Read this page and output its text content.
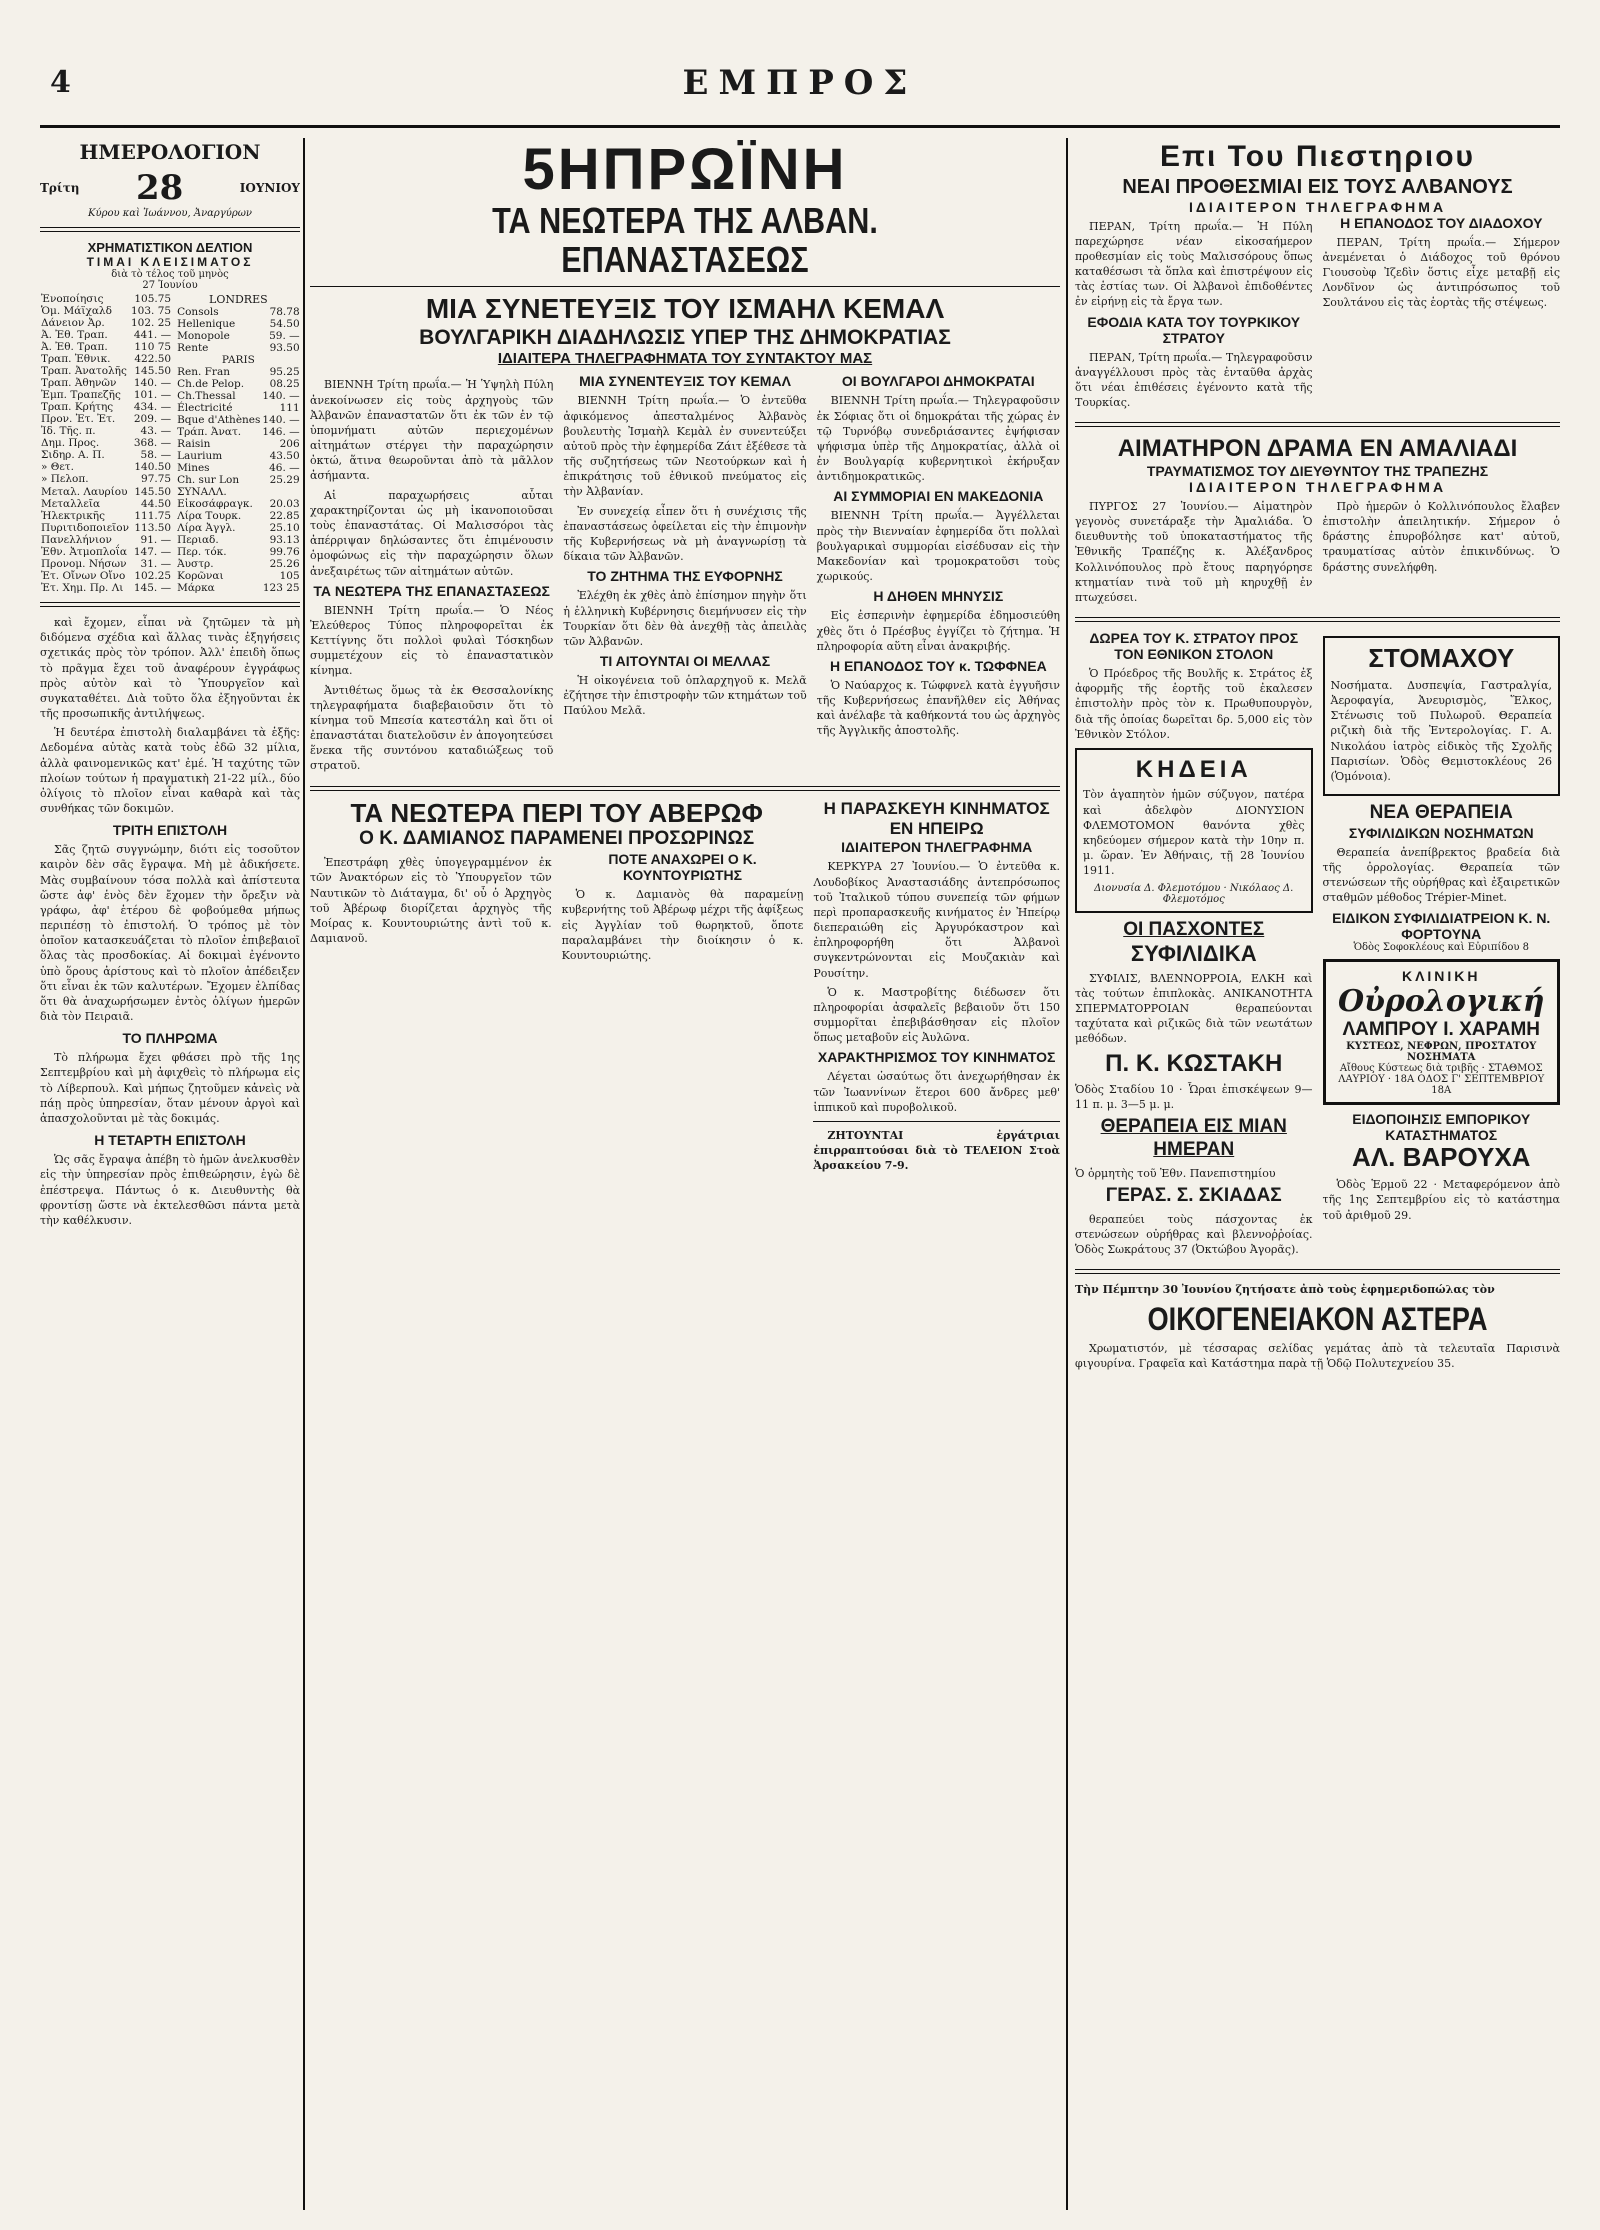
4	ΕΜΠΡΟΣ
ΗΜΕΡΟΛΟΓΙΟΝ
Τρίτη 28	ΙΟΥΝΙΟΥ
Κύρου καὶ Ἰωάννου, Ἀναργύρων
ΧΡΗΜΑΤΙΣΤΙΚΟΝ ΔΕΛΤΙΟΝ
ΤΙΜΑΙ ΚΛΕΙΣΙΜΑΤΟΣ
διὰ τὸ τέλος τοῦ μηνὸς
27 Ἰουνίου
Ἐνοποίησις	105.75
Ὁμ. Μάϊχαλδ	103. 75
Δάνειον Ἀρ.	102. 25
Ἀ. Ἐθ. Τραπ.	441. —
Ἀ. Ἐθ. Τραπ.	110 75
Τραπ. Ἐθνικ.	422.50
Τραπ. Ἀνατολῆς	145.50
Τραπ. Ἀθηνῶν	140. —
Ἐμπ. Τραπεζῆς	101. —
Τραπ. Κρήτης	434. —
Προν. Ἐτ. Ἐτ.	209. —
Ἰδ. Τῆς. π.	43. —
Δημ. Προς.	368. —
Σιδηρ. Α. Π.	58. —
» Θετ.	140.50
» Πελοπ.	97.75
Μεταλ. Λαυρίου	145.50
Μεταλλεῖα	44.50
Ἠλεκτρικῆς	111.75
Πυριτιδοποιεῖον	113.50
Πανελλήνιον	91. —
Ἐθν. Ἀτμοπλοΐα	147. —
Προνομ. Νήσων	31. —
Ἐτ. Οἴνων Οἴνο	102.25
Ἐτ. Χημ. Πρ. Λι	145. —
LONDRES
Consols	78.78
Hellenique	54.50
Monopole	59. —
Rente	93.50
PARIS	
Ren. Fran	95.25
Ch.de Pelop.	08.25
Ch.Thessal	140. —
Électricité	111
Bque d'Athènes	140. —
Τράπ. Ἀνατ.	146. —
Raisin	206
Laurium	43.50
Mines	46. —
Ch. sur Lon	25.29
ΣΥΝΑΛΛ.	
Εἰκοσάφραγκ.	20.03
Λίρα Τουρκ.	22.85
Λίρα Ἀγγλ.	25.10
Περιαδ.	93.13
Περ. τόκ.	99.76
Ἀυστρ.	25.26
Κορῶναι	105
Μάρκα	123 25

καὶ ἔχομεν, εἶπαι νὰ ζητῶμεν τὰ μὴ διδόμενα σχέδια καὶ ἄλλας τινὰς ἐξηγήσεις σχετικάς πρὸς τὸν τρόπον. Ἀλλ' ἐπειδὴ ὅπως τὸ πρᾶγμα ἔχει τοῦ ἀναφέρουν ἐγγράφως πρὸς αὐτὸν καὶ τὸ Ὑπουργεῖον καὶ συγκαταθέτει. Διὰ τοῦτο ὅλα ἐξηγοῦνται ἐκ τῆς προσωπικῆς ἀντιλήψεως.

Ἡ δευτέρα ἐπιστολὴ διαλαμβάνει τὰ ἑξῆς: Δεδομένα αὐτὰς κατὰ τοὺς ἐδῶ 32 μίλια, ἀλλὰ φαινομενικῶς κατ' ἐμέ. Ἡ ταχύτης τῶν πλοίων τούτων ἡ πραγματικὴ 21-22 μίλ., δύο ὀλίγοις τὸ πλοῖον εἶναι καθαρὰ καὶ τὰς συνθήκας τῶν δοκιμῶν.

ΤΡΙΤΗ ΕΠΙΣΤΟΛΗ

Σᾶς ζητῶ συγγνώμην, διότι εἰς τοσοῦτον καιρὸν δὲν σᾶς ἔγραψα. Μὴ μὲ ἀδικήσετε. Μὰς συμβαίνουν τόσα πολλὰ καὶ ἀπίστευτα ὥστε ἀφ' ἑνὸς δὲν ἔχομεν τὴν ὄρεξιν νὰ γράφω, ἀφ' ἑτέρου δὲ φοβούμεθα μήπως περιπέσῃ τὸ ἐπιστολή. Ὁ τρόπος μὲ τὸν ὁποῖον κατασκευάζεται τὸ πλοῖον ἐπιβεβαιοῖ ὅλας τὰς προσδοκίας. Αἱ δοκιμαὶ ἐγένοντο ὑπὸ ὅρους ἀρίστους καὶ τὸ πλοῖον ἀπέδειξεν ὅτι εἶναι ἐκ τῶν καλυτέρων. Ἔχομεν ἐλπίδας ὅτι θὰ ἀναχωρήσωμεν ἐντὸς ὀλίγων ἡμερῶν διὰ τὸν Πειραιᾶ.

ΤΟ ΠΛΗΡΩΜΑ

Τὸ πλήρωμα ἔχει φθάσει πρὸ τῆς 1ης Σεπτεμβρίου καὶ μὴ ἀφιχθεὶς τὸ πλήρωμα εἰς τὸ Λίβερπουλ. Καὶ μήπως ζητοῦμεν κἀνεὶς νὰ πάῃ πρὸς ὑπηρεσίαν, ὅταν μένουν ἀργοὶ καὶ ἀπασχολοῦνται μὲ τὰς δοκιμάς.

Η ΤΕΤΑΡΤΗ ΕΠΙΣΤΟΛΗ

Ὡς σᾶς ἔγραψα ἀπέβη τὸ ἡμῶν ἀνελκυσθὲν εἰς τὴν ὑπηρεσίαν πρὸς ἐπιθεώρησιν, ἐγὼ δὲ ἐπέστρεψα. Πάντως ὁ κ. Διευθυντὴς θὰ φροντίσῃ ὥστε νὰ ἐκτελεσθῶσι πάντα μετὰ τὴν καθέλκυσιν.

5ΗΠΡΩΪΝΗ
ΤΑ ΝΕΩΤΕΡΑ ΤΗΣ ΑΛΒΑΝ. ΕΠΑΝΑΣΤΑΣΕΩΣ
ΜΙΑ ΣΥΝΕΤΕΥΞΙΣ ΤΟΥ ΙΣΜΑΗΛ ΚΕΜΑΛ
ΒΟΥΛΓΑΡΙΚΗ ΔΙΑΔΗΛΩΣΙΣ ΥΠΕΡ ΤΗΣ ΔΗΜΟΚΡΑΤΙΑΣ
ΙΔΙΑΙΤΕΡΑ ΤΗΛΕΓΡΑΦΗΜΑΤΑ ΤΟΥ ΣΥΝΤΑΚΤΟΥ ΜΑΣ

ΒΙΕΝΝΗ Τρίτη πρωΐα.— Ἡ Ὑψηλὴ Πύλη ἀνεκοίνωσεν εἰς τοὺς ἀρχηγοὺς τῶν Ἀλβανῶν ἐπαναστατῶν ὅτι ἐκ τῶν ἐν τῷ ὑπομνήματι αὐτῶν περιεχομένων αἰτημάτων στέργει τὴν παραχώρησιν ὀκτώ, ἅτινα θεωροῦνται ἀπὸ τὰ μᾶλλον ἀσήμαντα.

Αἱ παραχωρήσεις αὗται χαρακτηρίζονται ὡς μὴ ἱκανοποιοῦσαι τοὺς ἐπαναστάτας. Οἱ Μαλισσόροι τὰς ἀπέρριψαν δηλώσαντες ὅτι ἐπιμένουσιν ὁμοφώνως εἰς τὴν παραχώρησιν ὅλων ἀνεξαιρέτως τῶν αἰτημάτων αὐτῶν.

ΤΑ ΝΕΩΤΕΡΑ ΤΗΣ ΕΠΑΝΑΣΤΑΣΕΩΣ

ΒΙΕΝΝΗ Τρίτη πρωΐα.— Ὁ Νέος Ἐλεύθερος Τύπος πληροφορεῖται ἐκ Κεττίγνης ὅτι πολλοὶ φυλαὶ Τόσκηδων συμμετέχουν εἰς τὸ ἐπαναστατικὸν κίνημα.

Ἀντιθέτως ὅμως τὰ ἐκ Θεσσαλονίκης τηλεγραφήματα διαβεβαιοῦσιν ὅτι τὸ κίνημα τοῦ Μπεσία κατεστάλη καὶ ὅτι οἱ ἐπαναστάται διατελοῦσιν ἐν ἀπογοητεύσει ἕνεκα τῆς συντόνου καταδιώξεως τοῦ στρατοῦ.

ΜΙΑ ΣΥΝΕΝΤΕΥΞΙΣ ΤΟΥ ΚΕΜΑΛ

ΒΙΕΝΝΗ Τρίτη πρωΐα.— Ὁ ἐντεῦθα ἀφικόμενος ἀπεσταλμένος Ἀλβανὸς βουλευτὴς Ἰσμαὴλ Κεμὰλ ἐν συνεντεύξει αὐτοῦ πρὸς τὴν ἐφημερίδα Ζάιτ ἐξέθεσε τὰ τῆς συζητήσεως τῶν Νεοτούρκων καὶ ἡ ἐπικράτησις τοῦ ἐθνικοῦ πνεύματος εἰς τὴν Ἀλβανίαν.

Ἐν συνεχείᾳ εἶπεν ὅτι ἡ συνέχισις τῆς ἐπαναστάσεως ὀφείλεται εἰς τὴν ἐπιμονὴν τῆς Κυβερνήσεως νὰ μὴ ἀναγνωρίσῃ τὰ δίκαια τῶν Ἀλβανῶν.

ΤΟ ΖΗΤΗΜΑ ΤΗΣ ΕΥΦΟΡΝΗΣ

Ἐλέχθη ἐκ χθὲς ἀπὸ ἐπίσημον πηγὴν ὅτι ἡ ἑλληνικὴ Κυβέρνησις διεμήνυσεν εἰς τὴν Τουρκίαν ὅτι δὲν θὰ ἀνεχθῇ τὰς ἀπειλὰς τῶν Ἀλβανῶν.

ΤΙ ΑΙΤΟΥΝΤΑΙ ΟΙ ΜΕΛΛΑΣ

Ἡ οἰκογένεια τοῦ ὁπλαρχηγοῦ κ. Μελᾶ ἐζήτησε τὴν ἐπιστροφὴν τῶν κτημάτων τοῦ Παύλου Μελᾶ.

ΟΙ ΒΟΥΛΓΑΡΟΙ ΔΗΜΟΚΡΑΤΑΙ

ΒΙΕΝΝΗ Τρίτη πρωΐα.— Τηλεγραφοῦσιν ἐκ Σόφιας ὅτι οἱ δημοκράται τῆς χώρας ἐν τῷ Τυρνόβῳ συνεδριάσαντες ἐψήφισαν ψήφισμα ὑπὲρ τῆς Δημοκρατίας, ἀλλὰ οἱ ἐν Βουλγαρίᾳ κυβερνητικοὶ ἐκήρυξαν ἀντιδημοκρατικῶς.

ΑΙ ΣΥΜΜΟΡΙΑΙ ΕΝ ΜΑΚΕΔΟΝΙΑ

ΒΙΕΝΝΗ Τρίτη πρωΐα.— Ἀγγέλλεται πρὸς τὴν Βιενναίαν ἐφημερίδα ὅτι πολλαὶ βουλγαρικαὶ συμμορίαι εἰσέδυσαν εἰς τὴν Μακεδονίαν καὶ τρομοκρατοῦσι τοὺς χωρικούς.

Η ΔΗΘΕΝ ΜΗΝΥΣΙΣ

Εἰς ἐσπερινὴν ἐφημερίδα ἐδημοσιεύθη χθὲς ὅτι ὁ Πρέσβυς ἐγγίζει τὸ ζήτημα. Ἡ πληροφορία αὕτη εἶναι ἀνακριβής.

Η ΕΠΑΝΟΔΟΣ ΤΟΥ κ. ΤΩΦΦΝΕΑ

Ὁ Ναύαρχος κ. Τώφφνελ κατὰ ἐγγυῆσιν τῆς Κυβερνήσεως ἐπανῆλθεν εἰς Ἀθήνας καὶ ἀνέλαβε τὰ καθήκοντά του ὡς ἀρχηγὸς τῆς Ἀγγλικῆς ἀποστολῆς.

ΤΑ ΝΕΩΤΕΡΑ ΠΕΡΙ ΤΟΥ ΑΒΕΡΩΦ
Ο Κ. ΔΑΜΙΑΝΟΣ ΠΑΡΑΜΕΝΕΙ ΠΡΟΣΩΡΙΝΩΣ

Ἐπεστράφη χθὲς ὑπογεγραμμένον ἐκ τῶν Ἀνακτόρων εἰς τὸ Ὑπουργεῖον τῶν Ναυτικῶν τὸ Διάταγμα, δι' οὗ ὁ Ἀρχηγὸς τοῦ Ἀβέρωφ διορίζεται ἀρχηγὸς τῆς Μοίρας κ. Κουντουριώτης ἀντὶ τοῦ κ. Δαμιανοῦ.

ΠΟΤΕ ΑΝΑΧΩΡΕΙ Ο Κ. ΚΟΥΝΤΟΥΡΙΩΤΗΣ

Ὁ κ. Δαμιανὸς θὰ παραμείνῃ κυβερνήτης τοῦ Ἀβέρωφ μέχρι τῆς ἀφίξεως εἰς Ἀγγλίαν τοῦ θωρηκτοῦ, ὅποτε παραλαμβάνει τὴν διοίκησιν ὁ κ. Κουντουριώτης.

Η ΠΑΡΑΣΚΕΥΗ ΚΙΝΗΜΑΤΟΣ ΕΝ ΗΠΕΙΡΩ
ΙΔΙΑΙΤΕΡΟΝ ΤΗΛΕΓΡΑΦΗΜΑ

ΚΕΡΚΥΡΑ 27 Ἰουνίου.— Ὁ ἐντεῦθα κ. Λουδοβίκος Ἀναστασιάδης ἀντεπρόσωπος τοῦ Ἰταλικοῦ τύπου συνεπείᾳ τῶν φήμων περὶ προπαρασκευῆς κινήματος ἐν Ἠπείρῳ διεπεραιώθη εἰς Ἀργυρόκαστρον καὶ ἐπληροφορήθη ὅτι Ἀλβανοὶ συγκεντρώνονται εἰς Μουζακιὰν καὶ Ρουσίτην.

Ὁ κ. Μαστροβίτης διέδωσεν ὅτι πληροφορίαι ἀσφαλεῖς βεβαιοῦν ὅτι 150 συμμορῖται ἐπεβιβάσθησαν εἰς πλοῖον ὅπως μεταβοῦν εἰς Ἀυλῶνα.

ΧΑΡΑΚΤΗΡΙΣΜΟΣ ΤΟΥ ΚΙΝΗΜΑΤΟΣ

Λέγεται ὡσαύτως ὅτι ἀνεχωρήθησαν ἐκ τῶν Ἰωαννίνων ἕτεροι 600 ἄνδρες μεθ' ἱππικοῦ καὶ πυροβολικοῦ.

ΖΗΤΟΥΝΤΑΙ ἐργάτριαι ἐπιρραπτούσαι διὰ τὸ ΤΕΛΕΙΟΝ Στοὰ Ἀρσακείου 7-9.

Επι Του Πιεστηριου
ΝΕΑΙ ΠΡΟΘΕΣΜΙΑΙ ΕΙΣ ΤΟΥΣ ΑΛΒΑΝΟΥΣ
ΙΔΙΑΙΤΕΡΟΝ ΤΗΛΕΓΡΑΦΗΜΑ

ΠΕΡΑΝ, Τρίτη πρωΐα.— Ἡ Πύλη παρεχώρησε νέαν εἰκοσαήμερον προθεσμίαν εἰς τοὺς Μαλισσόρους ὅπως καταθέσωσι τὰ ὅπλα καὶ ἐπιστρέψουν εἰς τὰς ἑστίας των. Οἱ Ἀλβανοὶ ἐπιδοθέντες ἐν εἰρήνῃ εἰς τὰ ἔργα των.

ΕΦΟΔΙΑ ΚΑΤΑ ΤΟΥ ΤΟΥΡΚΙΚΟΥ ΣΤΡΑΤΟΥ

ΠΕΡΑΝ, Τρίτη πρωΐα.— Τηλεγραφοῦσιν ἀναγγέλλουσι πρὸς τὰς ἐνταῦθα ἀρχὰς ὅτι νέαι ἐπιθέσεις ἐγένοντο κατὰ τῆς Τουρκίας.

Η ΕΠΑΝΟΔΟΣ ΤΟΥ ΔΙΑΔΟΧΟΥ

ΠΕΡΑΝ, Τρίτη πρωΐα.— Σήμερον ἀνεμένεται ὁ Διάδοχος τοῦ θρόνου Γιουσοὺφ Ἰζεδὶν ὅστις εἶχε μεταβῇ εἰς Λονδῖνον ὡς ἀντιπρόσωπος τοῦ Σουλτάνου εἰς τὰς ἑορτὰς τῆς στέψεως.

ΑΙΜΑΤΗΡΟΝ ΔΡΑΜΑ ΕΝ ΑΜΑΛΙΑΔΙ
ΤΡΑΥΜΑΤΙΣΜΟΣ ΤΟΥ ΔΙΕΥΘΥΝΤΟΥ ΤΗΣ ΤΡΑΠΕΖΗΣ
ΙΔΙΑΙΤΕΡΟΝ ΤΗΛΕΓΡΑΦΗΜΑ

ΠΥΡΓΟΣ 27 Ἰουνίου.— Αἱματηρὸν γεγονὸς συνετάραξε τὴν Ἀμαλιάδα. Ὁ διευθυντὴς τοῦ ὑποκαταστήματος τῆς Ἐθνικῆς Τραπέζης κ. Ἀλέξανδρος Κολλινόπουλος πρὸ ἔτους παρηγόρησε κτηματίαν τινὰ τοῦ μὴ κηρυχθῇ ἐν πτωχεύσει.

Πρὸ ἡμερῶν ὁ Κολλινόπουλος ἔλαβεν ἐπιστολὴν ἀπειλητικήν. Σήμερον ὁ δράστης ἐπυροβόλησε κατ' αὐτοῦ, τραυματίσας αὐτὸν ἐπικινδύνως. Ὁ δράστης συνελήφθη.

ΔΩΡΕΑ ΤΟΥ Κ. ΣΤΡΑΤΟΥ ΠΡΟΣ ΤΟΝ ΕΘΝΙΚΟΝ ΣΤΟΛΟΝ

Ὁ Πρόεδρος τῆς Βουλῆς κ. Στράτος ἐξ ἀφορμῆς τῆς ἑορτῆς τοῦ ἐκαλεσεν ἐπιστολὴν πρὸς τὸν κ. Πρωθυπουργὸν, διὰ τῆς ὁποίας δωρεῖται δρ. 5,000 εἰς τὸν Ἐθνικὸν Στόλον.

ΚΗΔΕΙΑ

Τὸν ἀγαπητὸν ἡμῶν σύζυγον, πατέρα καὶ ἀδελφὸν ΔΙΟΝΥΣΙΟΝ ΦΛΕΜΟΤΟΜΟΝ θανόντα χθὲς κηδεύομεν σήμερον κατὰ τὴν 10ην π. μ. ὥραν. Ἐν Ἀθήναις, τῇ 28 Ἰουνίου 1911.

Διονυσία Δ. Φλεμοτόμου · Νικόλαος Δ. Φλεμοτόμος
ΟΙ ΠΑΣΧΟΝΤΕΣ
ΣΥΦΙΛΙΔΙΚΑ

ΣΥΦΙΛΙΣ, ΒΛΕΝΝΟΡΡΟΙΑ, ΕΛΚΗ καὶ τὰς τούτων ἐπιπλοκὰς. ΑΝΙΚΑΝΟΤΗΤΑ ΣΠΕΡΜΑΤΟΡΡΟΙΑΝ θεραπεύονται ταχύτατα καὶ ριζικῶς διὰ τῶν νεωτάτων μεθόδων.

Π. Κ. ΚΩΣΤΑΚΗ

Ὁδὸς Σταδίου 10 · Ὧραι ἐπισκέψεων 9—11 π. μ. 3—5 μ. μ.

ΘΕΡΑΠΕΙΑ ΕΙΣ ΜΙΑΝ ΗΜΕΡΑΝ

Ὁ ὁρμητὴς τοῦ Ἐθν. Πανεπιστημίου

ΓΕΡΑΣ. Σ. ΣΚΙΑΔΑΣ

θεραπεύει τοὺς πάσχοντας ἐκ στενώσεων οὐρήθρας καὶ βλεννοῤῥοίας. Ὁδὸς Σωκράτους 37 (Ὀκτώβου Ἀγορᾶς).

ΣΤΟΜΑΧΟΥ

Νοσήματα. Δυσπεψία, Γαστραλγία, Ἀεροφαγία, Ἀνευρισμὸς, Ἕλκος, Στένωσις τοῦ Πυλωροῦ. Θεραπεία ριζικὴ διὰ τῆς Ἐντερολογίας. Γ. Α. Νικολάου ἰατρὸς εἰδικὸς τῆς Σχολῆς Παρισίων. Ὁδὸς Θεμιστοκλέους 26 (Ὁμόνοια).

ΝΕΑ ΘΕΡΑΠΕΙΑ
ΣΥΦΙΛΙΔΙΚΩΝ ΝΟΣΗΜΑΤΩΝ

Θεραπεία ἀνεπίβρεκτος βραδεία διὰ τῆς ὀρρολογίας. Θεραπεία τῶν στενώσεων τῆς οὐρήθρας καὶ ἐξαιρετικῶν σταθμῶν μέθοδος Trépier-Minet.

ΕΙΔΙΚΟΝ ΣΥΦΙΛΙΔΙΑΤΡΕΙΟΝ Κ. Ν. ΦΟΡΤΟΥΝΑ
Ὁδὸς Σοφοκλέους καὶ Εὐριπίδου 8
ΚΛΙΝΙΚΗ
Οὐρολογική
ΛΑΜΠΡΟΥ Ι. ΧΑΡΑΜΗ
ΚΥΣΤΕΩΣ, ΝΕΦΡΩΝ, ΠΡΟΣΤΑΤΟΥ ΝΟΣΗΜΑΤΑ
Αἴθους Κύστεως διὰ τριβῆς · ΣΤΑΘΜΟΣ ΛΑΥΡΙΟΥ · 18Α ΟΔΟΣ Γ' ΣΕΠΤΕΜΒΡΙΟΥ 18Α
ΕΙΔΟΠΟΙΗΣΙΣ ΕΜΠΟΡΙΚΟΥ ΚΑΤΑΣΤΗΜΑΤΟΣ
ΑΛ. ΒΑΡΟΥΧΑ

Ὁδὸς Ἑρμοῦ 22 · Μεταφερόμενον ἀπὸ τῆς 1ης Σεπτεμβρίου εἰς τὸ κατάστημα τοῦ ἀριθμοῦ 29.

Τὴν Πέμπτην 30 Ἰουνίου ζητήσατε ἀπὸ τοὺς ἐφημεριδοπώλας τὸν

ΟΙΚΟΓΕΝΕΙΑΚΟΝ ΑΣΤΕΡΑ

Χρωματιστόν, μὲ τέσσαρας σελίδας γεμάτας ἀπὸ τὰ τελευταῖα Παρισινὰ φιγουρίνα. Γραφεῖα καὶ Κατάστημα παρὰ τῇ Ὁδῷ Πολυτεχνείου 35.
